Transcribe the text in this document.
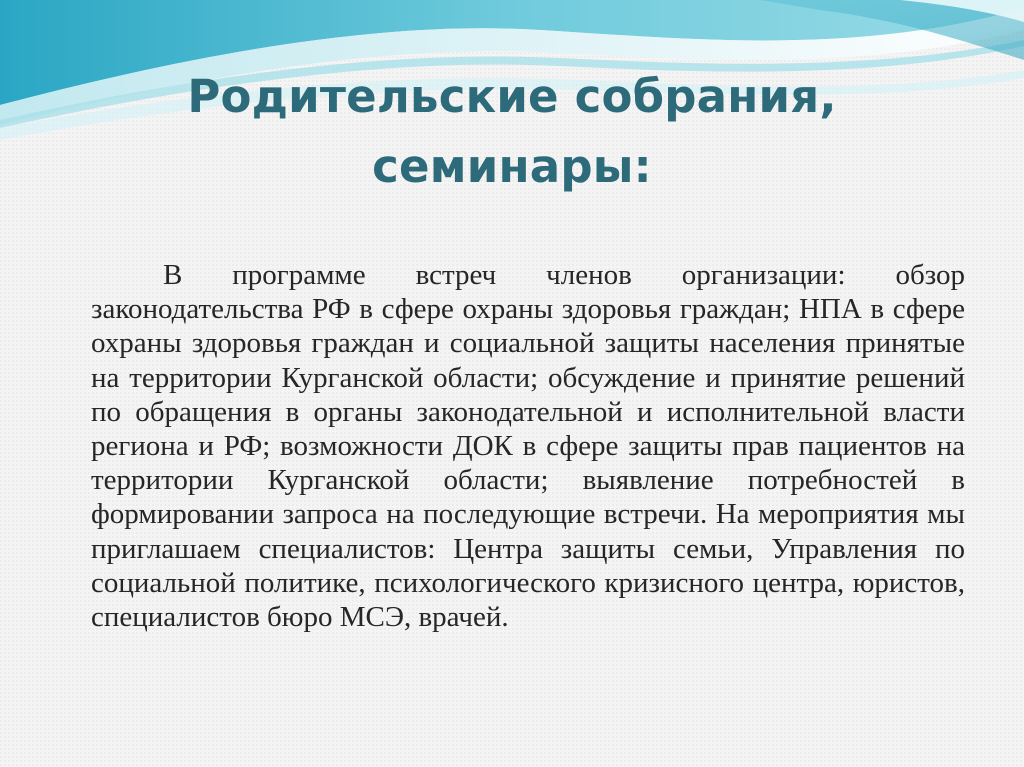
Родительские собрания,
семинары:

В программе встреч членов организации: обзор законодательства РФ в сфере охраны здоровья граждан; НПА в сфере охраны здоровья граждан и социальной защиты населения принятые на территории Курганской области; обсуждение и принятие решений по обращения в органы законодательной и исполнительной власти региона и РФ; возможности ДОК в сфере защиты прав пациентов на территории Курганской области; выявление потребностей в формировании запроса на последующие встречи. На мероприятия мы приглашаем специалистов: Центра защиты семьи, Управления по социальной политике, психологического кризисного центра, юристов, специалистов бюро МСЭ, врачей.
